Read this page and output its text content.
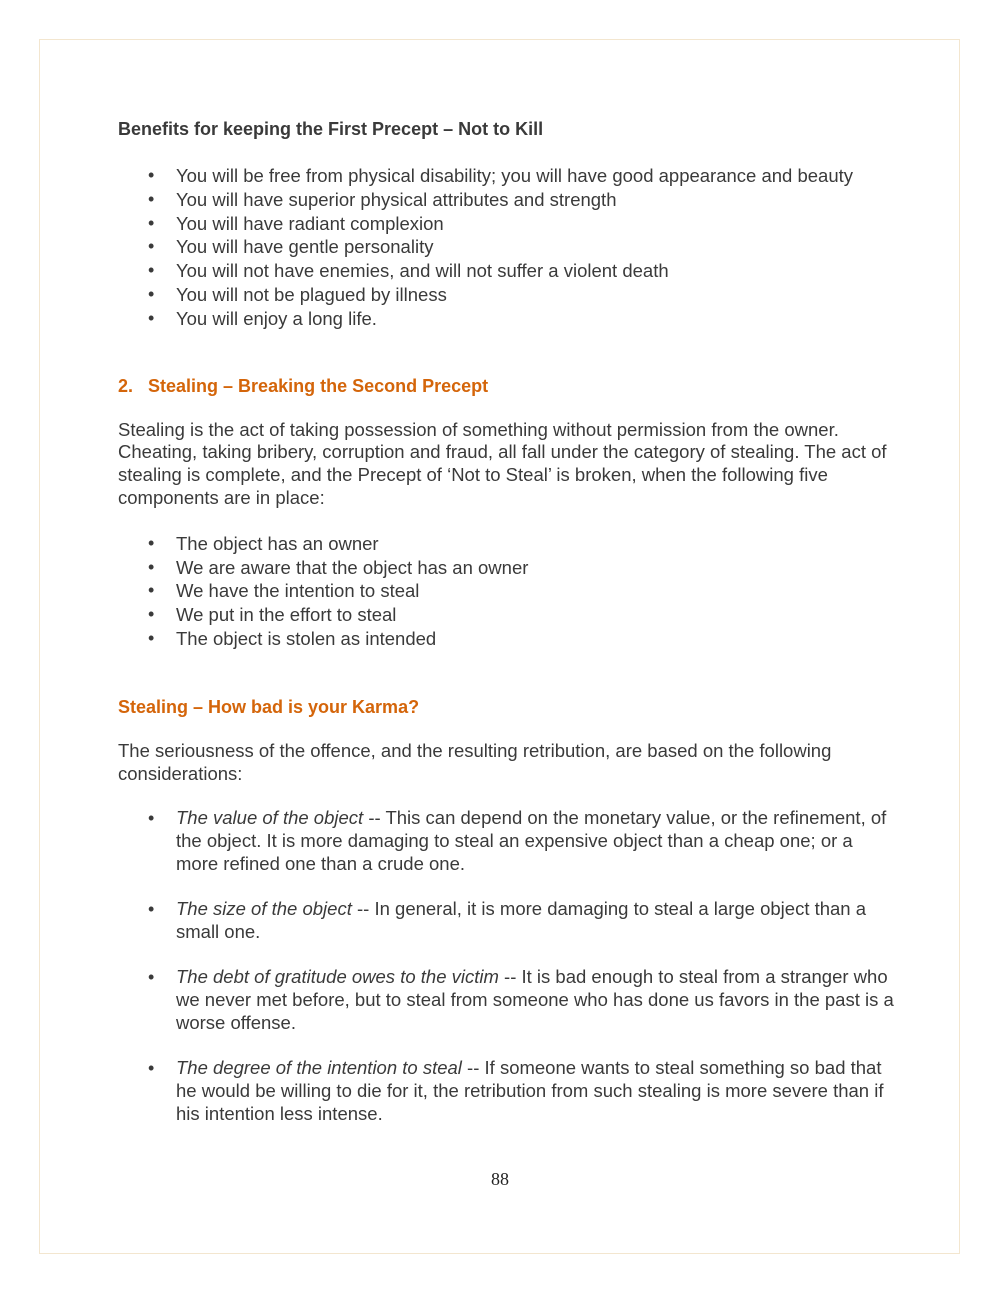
Benefits for keeping the First Precept – Not to Kill
• You will be free from physical disability; you will have good appearance and beauty
• You will have superior physical attributes and strength
• You will have radiant complexion
• You will have gentle personality
• You will not have enemies, and will not suffer a violent death
• You will not be plagued by illness
• You will enjoy a long life.
2. Stealing – Breaking the Second Precept

Stealing is the act of taking possession of something without permission from the owner. Cheating, taking bribery, corruption and fraud, all fall under the category of stealing. The act of stealing is complete, and the Precept of ‘Not to Steal’ is broken, when the following five components are in place:

• The object has an owner
• We are aware that the object has an owner
• We have the intention to steal
• We put in the effort to steal
• The object is stolen as intended
Stealing – How bad is your Karma?

The seriousness of the offence, and the resulting retribution, are based on the following considerations:

• The value of the object -- This can depend on the monetary value, or the refinement, of the object. It is more damaging to steal an expensive object than a cheap one; or a more refined one than a crude one.
• The size of the object -- In general, it is more damaging to steal a large object than a small one.
• The debt of gratitude owes to the victim -- It is bad enough to steal from a stranger who we never met before, but to steal from someone who has done us favors in the past is a worse offense.
• The degree of the intention to steal -- If someone wants to steal something so bad that he would be willing to die for it, the retribution from such stealing is more severe than if his intention less intense.
88
